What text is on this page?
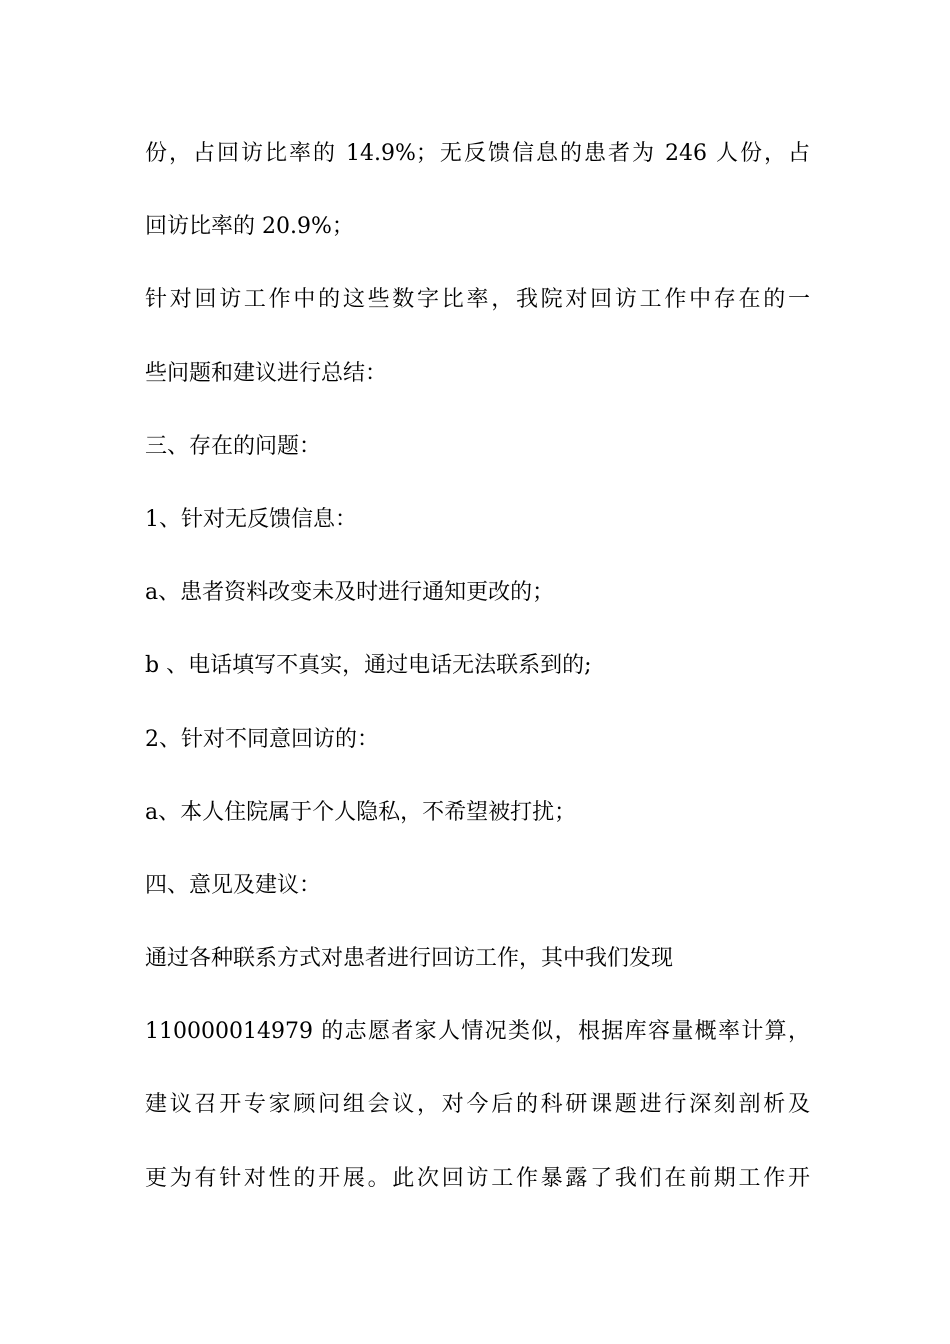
份，占回访比率的 14.9%；无反馈信息的患者为 246 人份，占
回访比率的 20.9%；
针对回访工作中的这些数字比率，我院对回访工作中存在的一
些问题和建议进行总结：
三、存在的问题：
1、针对无反馈信息：
a、患者资料改变未及时进行通知更改的；
b 、电话填写不真实，通过电话无法联系到的;
2、针对不同意回访的：
a、本人住院属于个人隐私，不希望被打扰；
四、意见及建议：
通过各种联系方式对患者进行回访工作，其中我们发现
110000014979 的志愿者家人情况类似，根据库容量概率计算，
建议召开专家顾问组会议，对今后的科研课题进行深刻剖析及
更为有针对性的开展。此次回访工作暴露了我们在前期工作开
